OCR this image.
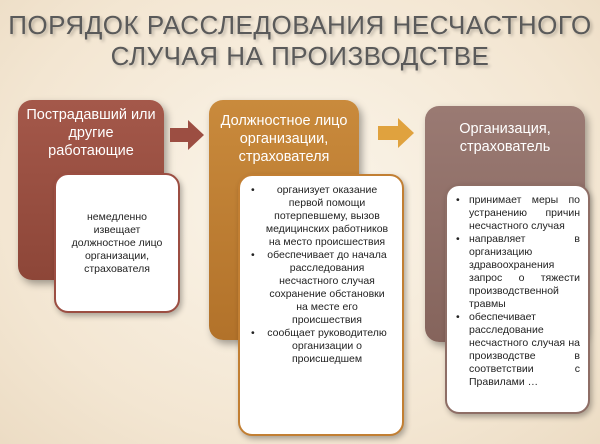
ПОРЯДОК РАССЛЕДОВАНИЯ НЕСЧАСТНОГО
СЛУЧАЯ НА ПРОИЗВОДСТВЕ
Пострадавший или другие работающие
немедленно извещает должностное лицо организации, страхователя
Должностное лицо организации, страхователя
• организует оказание первой помощи потерпевшему, вызов медицинских работников на место происшествия
• обеспечивает до начала расследования несчастного случая сохранение обстановки на месте его происшествия
• сообщает руководителю организации о происшедшем
Организация, страхователь
• принимает меры по устранению причин несчастного случая
• направляет в организацию здравоохранения запрос о тяжести производственной травмы
• обеспечивает расследование несчастного случая на производстве в соответствии с Правилами …
